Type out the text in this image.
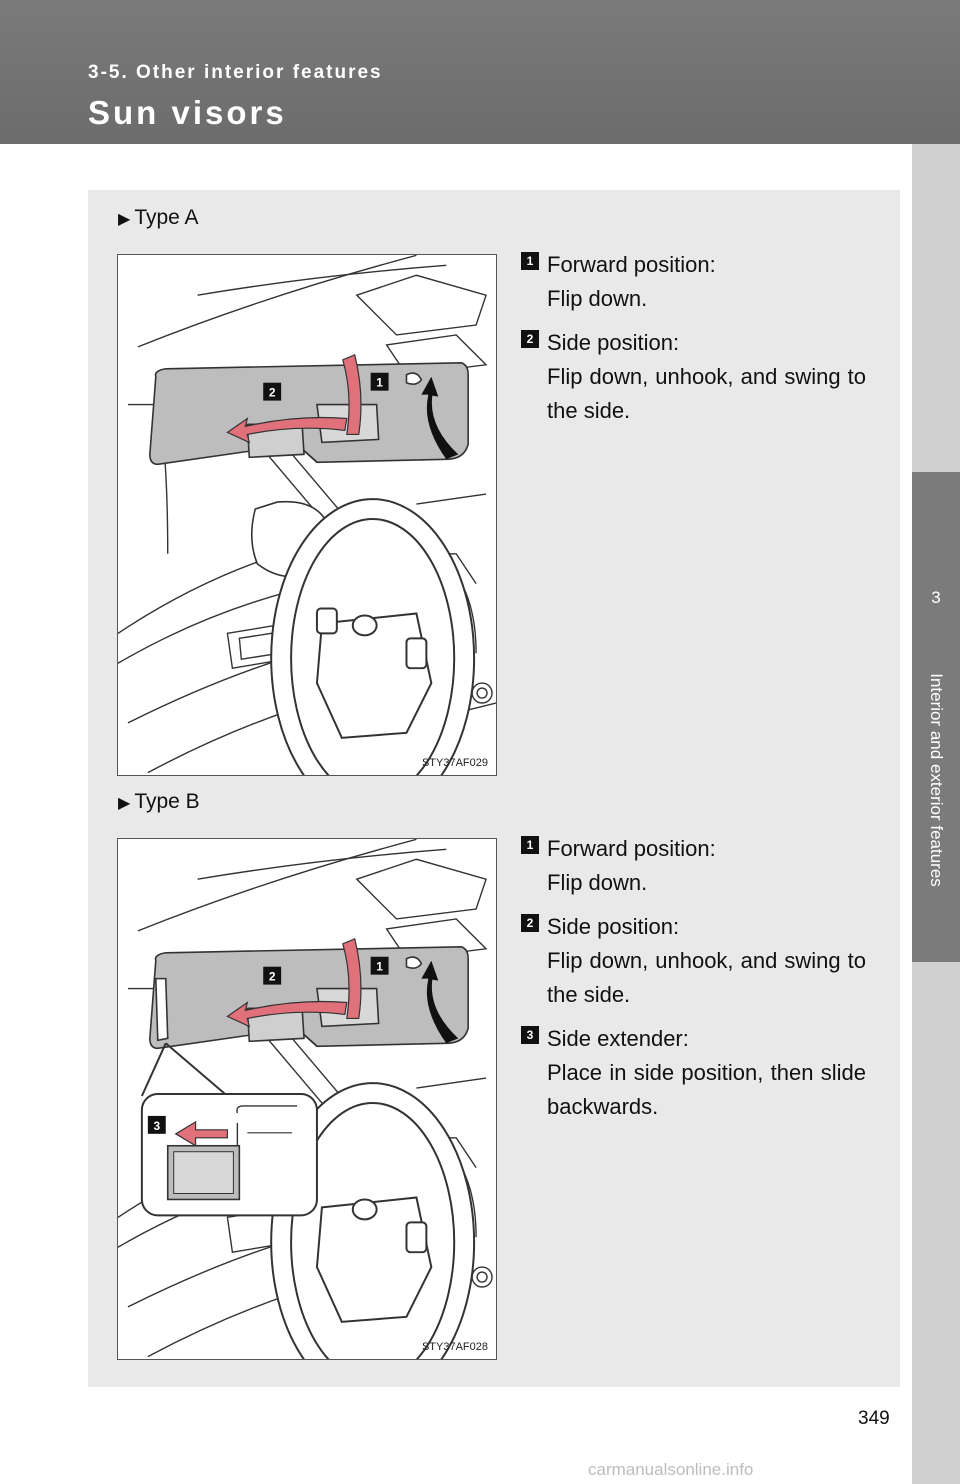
3-5. Other interior features
Sun visors
3
Interior and exterior features
▶ Type A
2
1
STY37AF029
1 Forward position:
Flip down.
2 Side position:
Flip down, unhook, and swing to the side.
▶ Type B
2
1
3
STY37AF028
1 Forward position:
Flip down.
2 Side position:
Flip down, unhook, and swing to the side.
3 Side extender:
Place in side position, then slide backwards.
349
carmanualsonline.info
